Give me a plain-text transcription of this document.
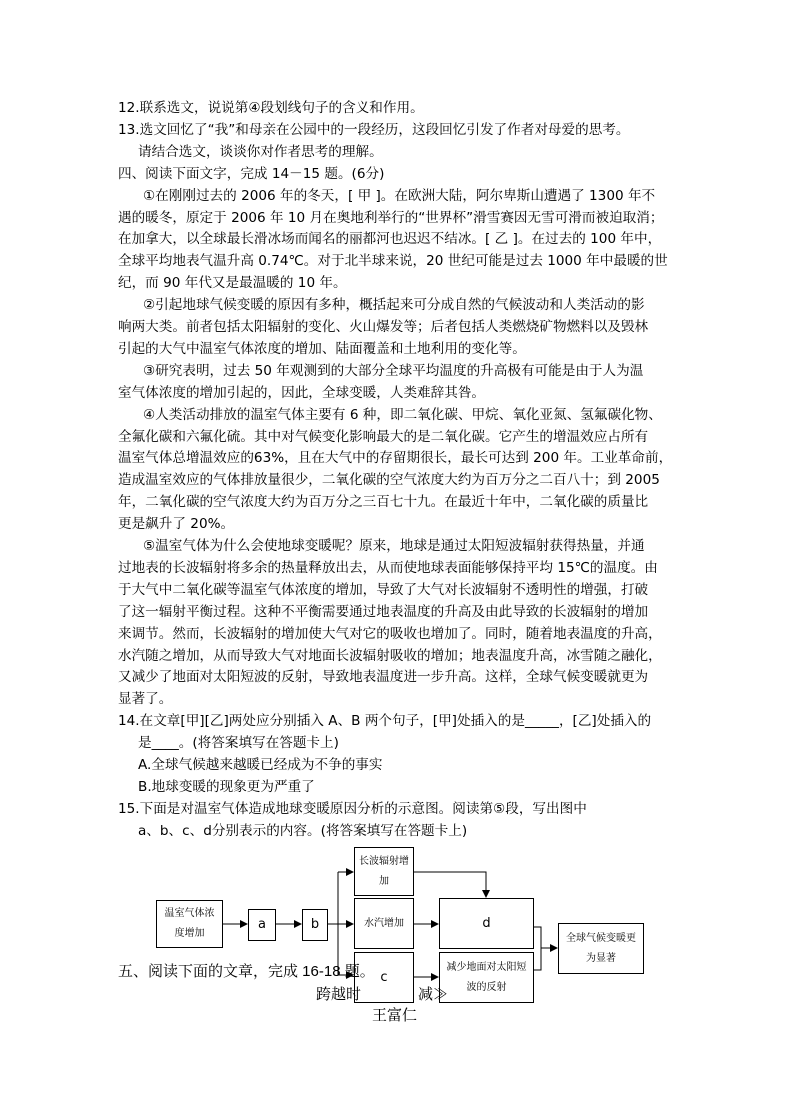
12.联系选文，说说第④段划线句子的含义和作用。
13.选文回忆了“我”和母亲在公园中的一段经历，这段回忆引发了作者对母爱的思考。
请结合选文，谈谈你对作者思考的理解。
四、阅读下面文字，完成 14－15 题。(6分)
①在刚刚过去的 2006 年的冬天，[ 甲 ]。在欧洲大陆，阿尔卑斯山遭遇了 1300 年不
遇的暖冬，原定于 2006 年 10 月在奥地利举行的“世界杯”滑雪赛因无雪可滑而被迫取消；
在加拿大，以全球最长滑冰场而闻名的丽都河也迟迟不结冰。[ 乙 ]。在过去的 100 年中，
全球平均地表气温升高 0.74℃。对于北半球来说，20 世纪可能是过去 1000 年中最暖的世
纪，而 90 年代又是最温暖的 10 年。
②引起地球气候变暖的原因有多种，概括起来可分成自然的气候波动和人类活动的影
响两大类。前者包括太阳辐射的变化、火山爆发等；后者包括人类燃烧矿物燃料以及毁林
引起的大气中温室气体浓度的增加、陆面覆盖和土地利用的变化等。
③研究表明，过去 50 年观测到的大部分全球平均温度的升高极有可能是由于人为温
室气体浓度的增加引起的，因此，全球变暖，人类难辞其咎。
④人类活动排放的温室气体主要有 6 种，即二氧化碳、甲烷、氧化亚氮、氢氟碳化物、
全氟化碳和六氟化硫。其中对气候变化影响最大的是二氧化碳。它产生的增温效应占所有
温室气体总增温效应的63%，且在大气中的存留期很长，最长可达到 200 年。工业革命前，
造成温室效应的气体排放量很少，二氧化碳的空气浓度大约为百万分之二百八十；到 2005
年，二氧化碳的空气浓度大约为百万分之三百七十九。在最近十年中，二氧化碳的质量比
更是飙升了 20%。
⑤温室气体为什么会使地球变暖呢？原来，地球是通过太阳短波辐射获得热量，并通
过地表的长波辐射将多余的热量释放出去，从而使地球表面能够保持平均 15℃的温度。由
于大气中二氧化碳等温室气体浓度的增加，导致了大气对长波辐射不透明性的增强，打破
了这一辐射平衡过程。这种不平衡需要通过地表温度的升高及由此导致的长波辐射的增加
来调节。然而，长波辐射的增加使大气对它的吸收也增加了。同时，随着地表温度的升高，
水汽随之增加，从而导致大气对地面长波辐射吸收的增加；地表温度升高，冰雪随之融化，
又减少了地面对太阳短波的反射，导致地表温度进一步升高。这样，全球气候变暖就更为
显著了。
14.在文章[甲][乙]两处应分别插入 A、B 两个句子，[甲]处插入的是_____，[乙]处插入的
是____。(将答案填写在答题卡上)
A.全球气候越来越暖已经成为不争的事实
B.地球变暖的现象更为严重了
15.下面是对温室气体造成地球变暖原因分析的示意图。阅读第⑤段，写出图中
a、b、c、d分别表示的内容。(将答案填写在答题卡上)
温室气体浓度增加
a	b
长波辐射增加
水汽增加
c
d
减少地面对太阳短波的反射
全球气候变暖更为显著
五、阅读下面的文章，完成 16-18 题。
跨越时	减≫
王富仁
